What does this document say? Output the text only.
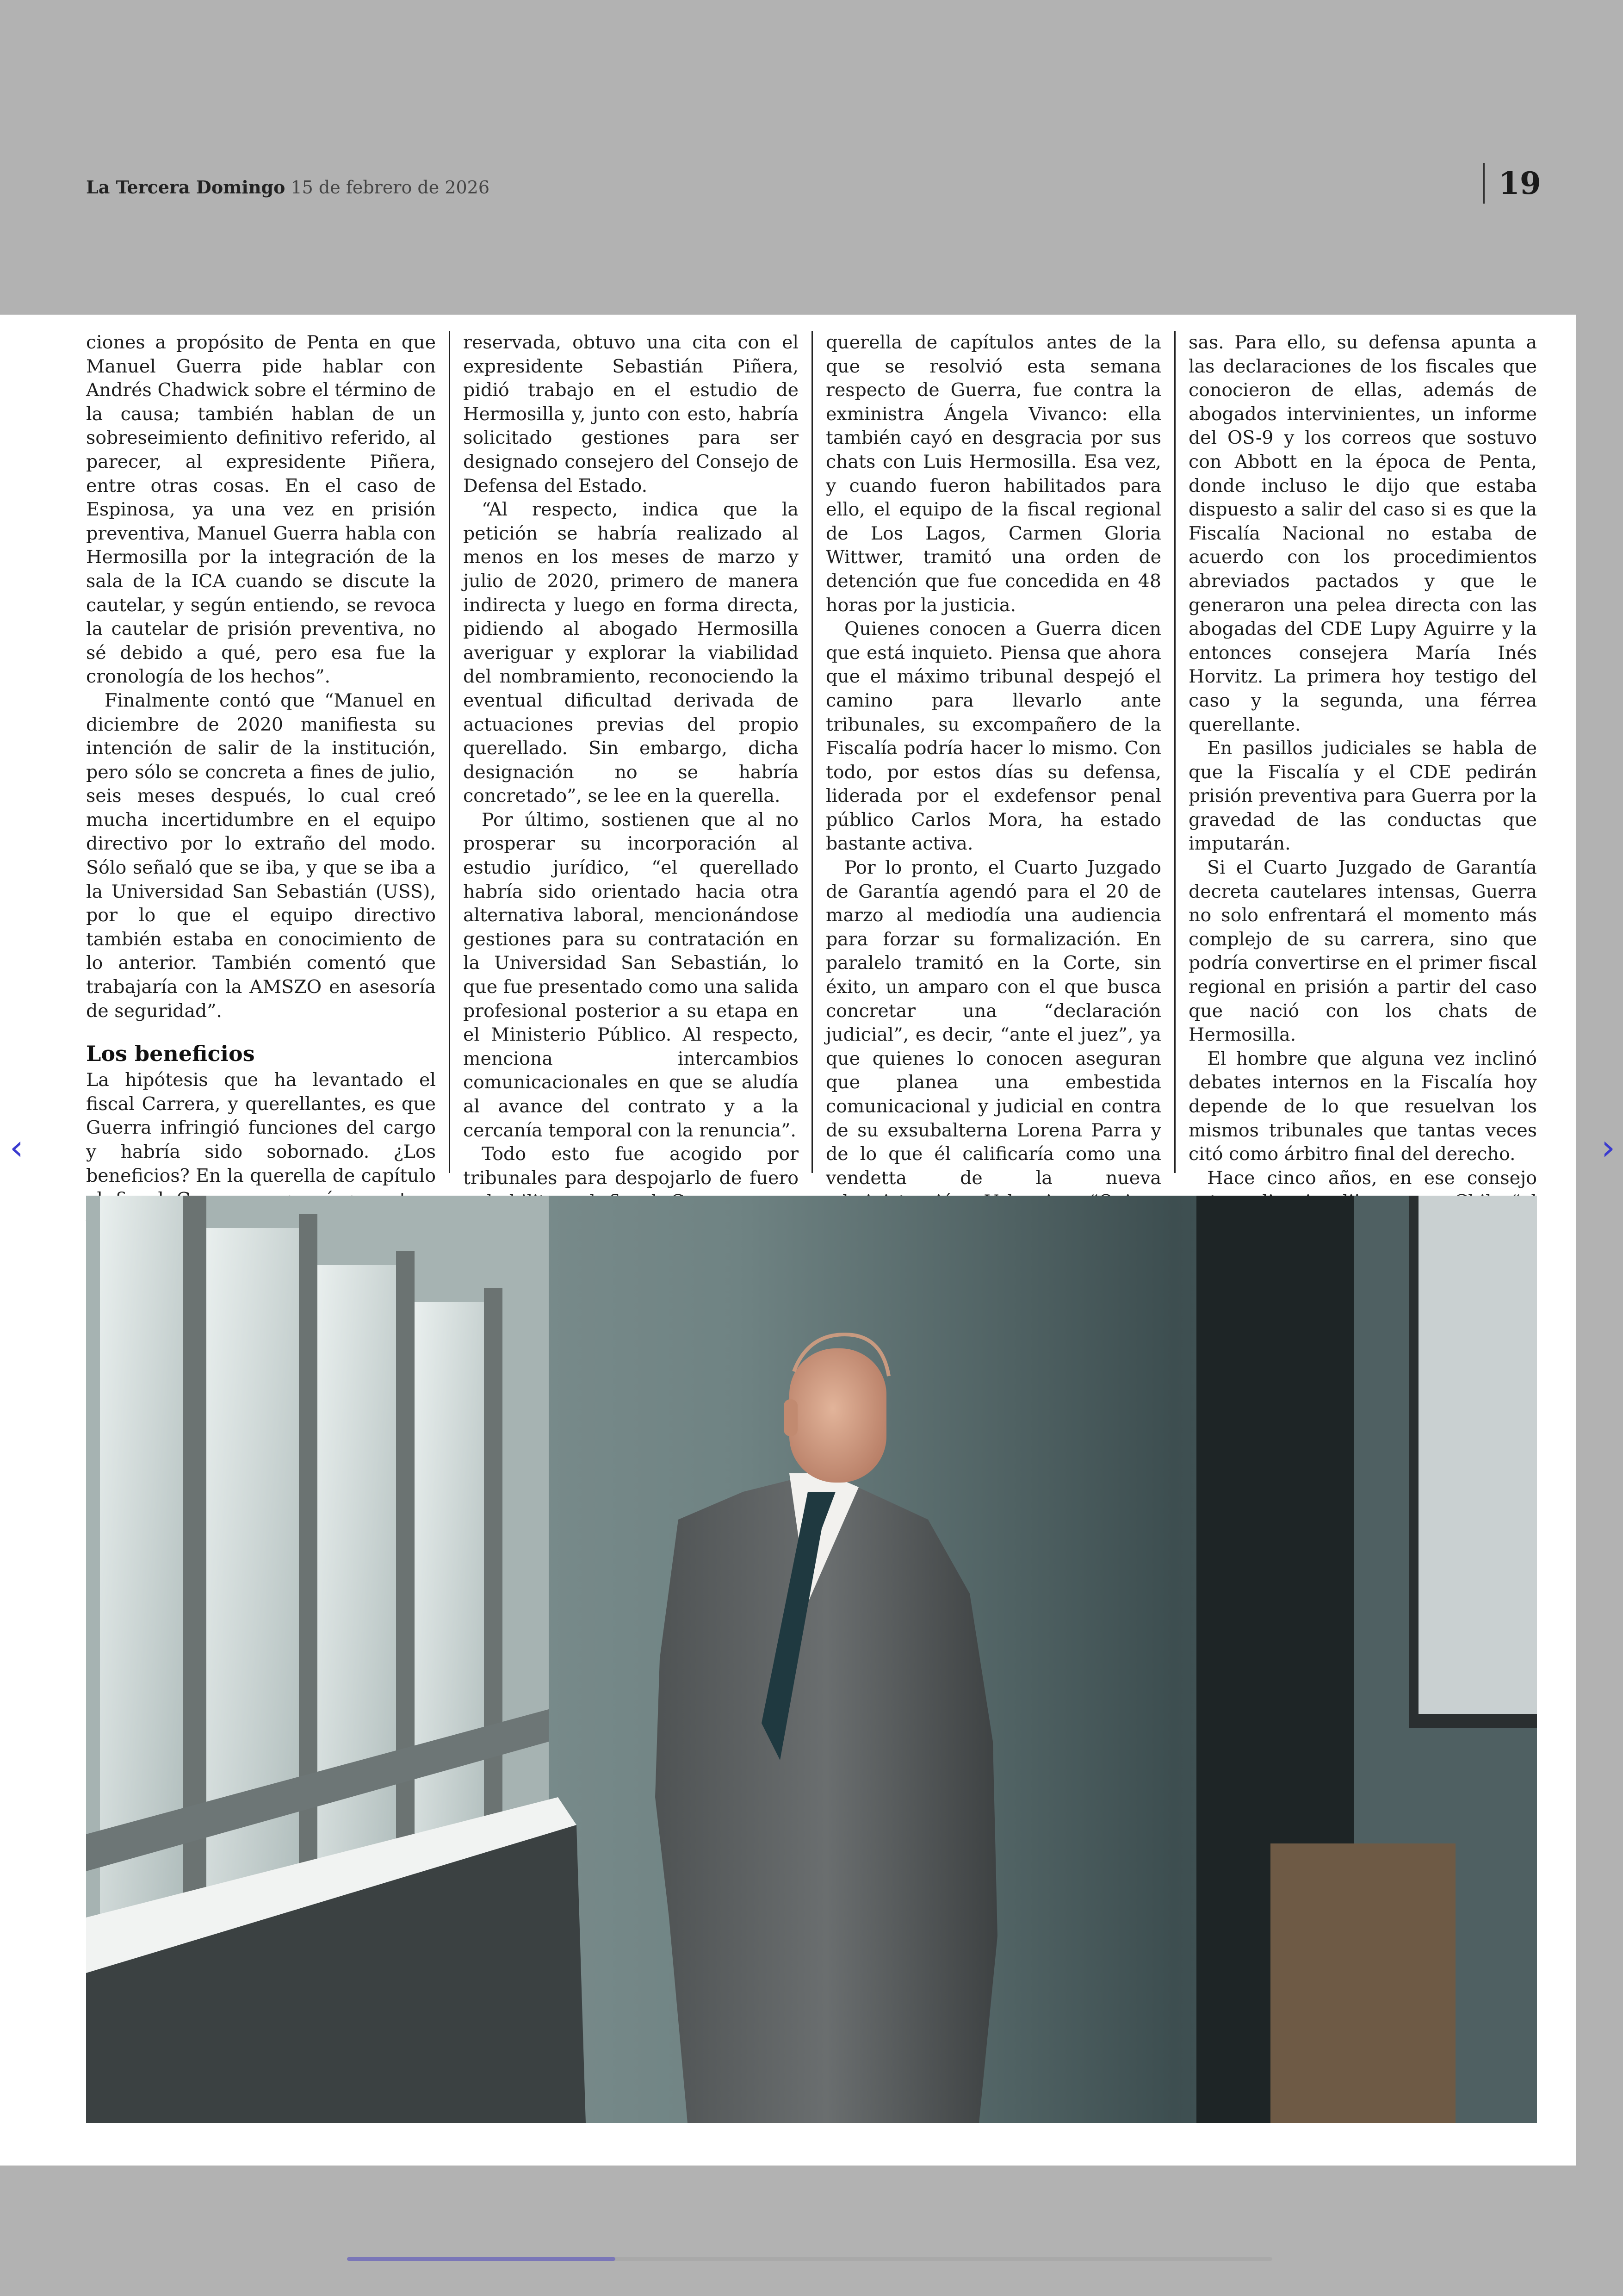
La Tercera Domingo 15 de febrero de 2026	19

ciones a propósito de Penta en que Manuel Guerra pide hablar con Andrés Chadwick sobre el término de la causa; también hablan de un sobreseimiento definitivo referido, al parecer, al expresidente Piñera, entre otras cosas. En el caso de Espinosa, ya una vez en prisión preventiva, Manuel Guerra habla con Hermosilla por la integración de la sala de la ICA cuando se discute la cautelar, y según entiendo, se revoca la cautelar de prisión preventiva, no sé debido a qué, pero esa fue la cronología de los hechos”.

Finalmente contó que “Manuel en diciembre de 2020 manifiesta su intención de salir de la institución, pero sólo se concreta a fines de julio, seis meses después, lo cual creó mucha incertidumbre en el equipo directivo por lo extraño del modo. Sólo señaló que se iba, y que se iba a la Universidad San Sebastián (USS), por lo que el equipo directivo también estaba en conocimiento de lo anterior. También comentó que trabajaría con la AMSZO en asesoría de seguridad”.

Los beneficios

La hipótesis que ha levantado el fiscal Carrera, y querellantes, es que Guerra infringió funciones del cargo y habría sido sobornado. ¿Los beneficios? En la querella de capítulo

reservada, obtuvo una cita con el expresidente Sebastián Piñera, pidió trabajo en el estudio de Hermosilla y, junto con esto, habría solicitado gestiones para ser designado consejero del Consejo de Defensa del Estado.

“Al respecto, indica que la petición se habría realizado al menos en los meses de marzo y julio de 2020, primero de manera indirecta y luego en forma directa, pidiendo al abogado Hermosilla averiguar y explorar la viabilidad del nombramiento, reconociendo la eventual dificultad derivada de actuaciones previas del propio querellado. Sin embargo, dicha designación no se habría concretado”, se lee en la querella.

Por último, sostienen que al no prosperar su incorporación al estudio jurídico, “el querellado habría sido orientado hacia otra alternativa laboral, mencionándose gestiones para su contratación en la Universidad San Sebastián, lo que fue presentado como una salida profesional posterior a su etapa en el Ministerio Público. Al respecto, menciona intercambios comunicacionales en que se aludía al avance del contrato y a la cercanía temporal con la renuncia”.

Todo esto fue acogido por tribunales para despojarlo de fuero

querella de capítulos antes de la que se resolvió esta semana respecto de Guerra, fue contra la exministra Ángela Vivanco: ella también cayó en desgracia por sus chats con Luis Hermosilla. Esa vez, y cuando fueron habilitados para ello, el equipo de la fiscal regional de Los Lagos, Carmen Gloria Wittwer, tramitó una orden de detención que fue concedida en 48 horas por la justicia.

Quienes conocen a Guerra dicen que está inquieto. Piensa que ahora que el máximo tribunal despejó el camino para llevarlo ante tribunales, su excompañero de la Fiscalía podría hacer lo mismo. Con todo, por estos días su defensa, liderada por el exdefensor penal público Carlos Mora, ha estado bastante activa.

Por lo pronto, el Cuarto Juzgado de Garantía agendó para el 20 de marzo al mediodía una audiencia para forzar su formalización. En paralelo tramitó en la Corte, sin éxito, un amparo con el que busca concretar una “declaración judicial”, es decir, “ante el juez”, ya que quienes lo conocen aseguran que planea una embestida comunicacional y judicial en contra de su exsubalterna Lorena Parra y de lo que él calificaría como una vendetta de la nueva

sas. Para ello, su defensa apunta a las declaraciones de los fiscales que conocieron de ellas, además de abogados intervinientes, un informe del OS-9 y los correos que sostuvo con Abbott en la época de Penta, donde incluso le dijo que estaba dispuesto a salir del caso si es que la Fiscalía Nacional no estaba de acuerdo con los procedimientos abreviados pactados y que le generaron una pelea directa con las abogadas del CDE Lupy Aguirre y la entonces consejera María Inés Horvitz. La primera hoy testigo del caso y la segunda, una férrea querellante.

En pasillos judiciales se habla de que la Fiscalía y el CDE pedirán prisión preventiva para Guerra por la gravedad de las conductas que imputarán.

Si el Cuarto Juzgado de Garantía decreta cautelares intensas, Guerra no solo enfrentará el momento más complejo de su carrera, sino que podría convertirse en el primer fiscal regional en prisión a partir del caso que nació con los chats de Hermosilla.

El hombre que alguna vez inclinó debates internos en la Fiscalía hoy depende de lo que resuelvan los mismos tribunales que tantas veces citó como árbitro final del derecho.

Hace cinco años, en ese consejo

‹	›
